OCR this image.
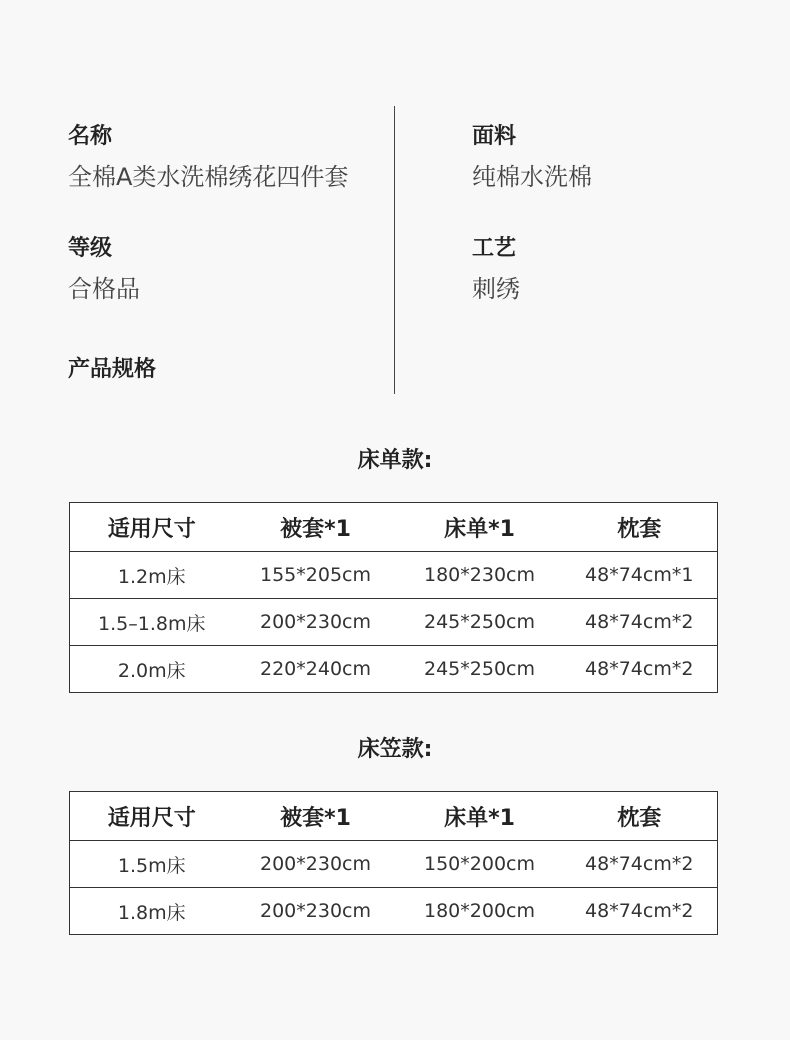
名称
全棉A类水洗棉绣花四件套
面料
纯棉水洗棉
等级
合格品
工艺
刺绣
产品规格
床单款:
适用尺寸	被套*1	床单*1	枕套
1.2m床	155*205cm	180*230cm	48*74cm*1
1.5–1.8m床	200*230cm	245*250cm	48*74cm*2
2.0m床	220*240cm	245*250cm	48*74cm*2
床笠款:
适用尺寸	被套*1	床单*1	枕套
1.5m床	200*230cm	150*200cm	48*74cm*2
1.8m床	200*230cm	180*200cm	48*74cm*2
